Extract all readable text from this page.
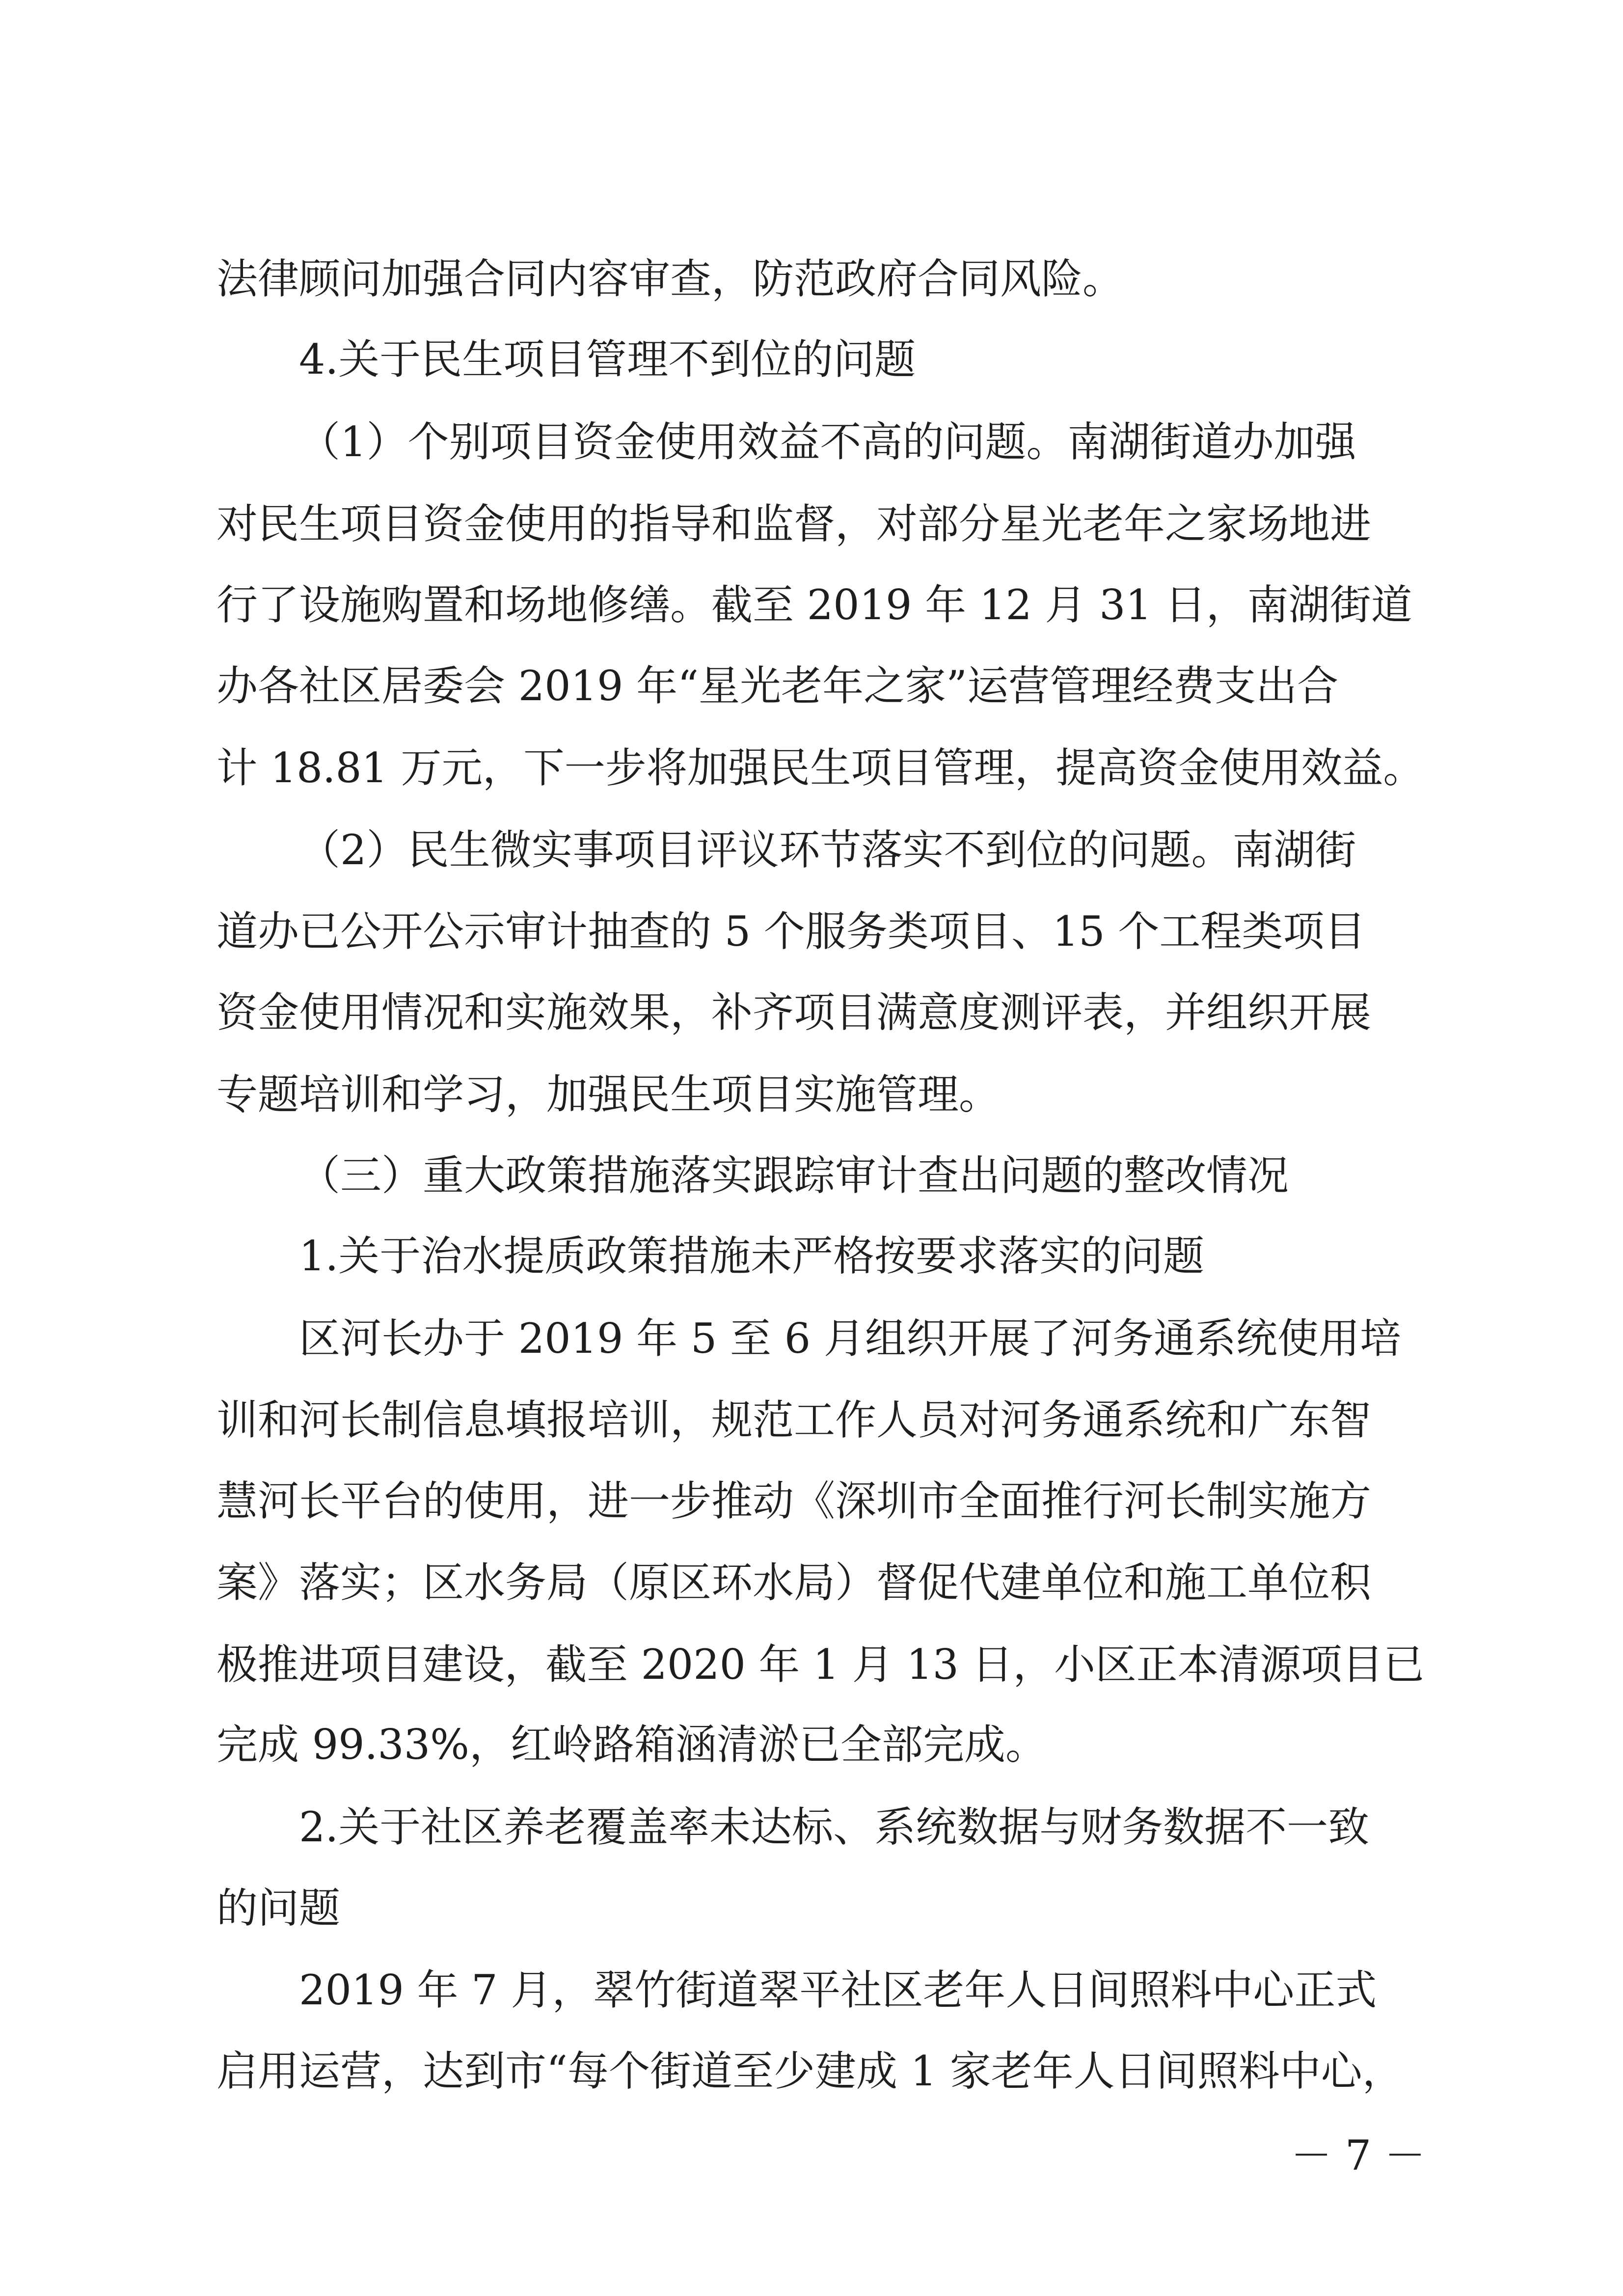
法律顾问加强合同内容审查，防范政府合同风险。
4.关于民生项目管理不到位的问题
（1）个别项目资金使用效益不高的问题。南湖街道办加强
对民生项目资金使用的指导和监督，对部分星光老年之家场地进
行了设施购置和场地修缮。截至 2019 年 12 月 31 日，南湖街道
办各社区居委会 2019 年“星光老年之家”运营管理经费支出合
计 18.81 万元，下一步将加强民生项目管理，提高资金使用效益。
（2）民生微实事项目评议环节落实不到位的问题。南湖街
道办已公开公示审计抽查的 5 个服务类项目、15 个工程类项目
资金使用情况和实施效果，补齐项目满意度测评表，并组织开展
专题培训和学习，加强民生项目实施管理。
（三）重大政策措施落实跟踪审计查出问题的整改情况
1.关于治水提质政策措施未严格按要求落实的问题
区河长办于 2019 年 5 至 6 月组织开展了河务通系统使用培
训和河长制信息填报培训，规范工作人员对河务通系统和广东智
慧河长平台的使用，进一步推动《深圳市全面推行河长制实施方
案》落实；区水务局（原区环水局）督促代建单位和施工单位积
极推进项目建设，截至 2020 年 1 月 13 日，小区正本清源项目已
完成 99.33%，红岭路箱涵清淤已全部完成。
2.关于社区养老覆盖率未达标、系统数据与财务数据不一致
的问题
2019 年 7 月，翠竹街道翠平社区老年人日间照料中心正式
启用运营，达到市“每个街道至少建成 1 家老年人日间照料中心，
－ 7 －
